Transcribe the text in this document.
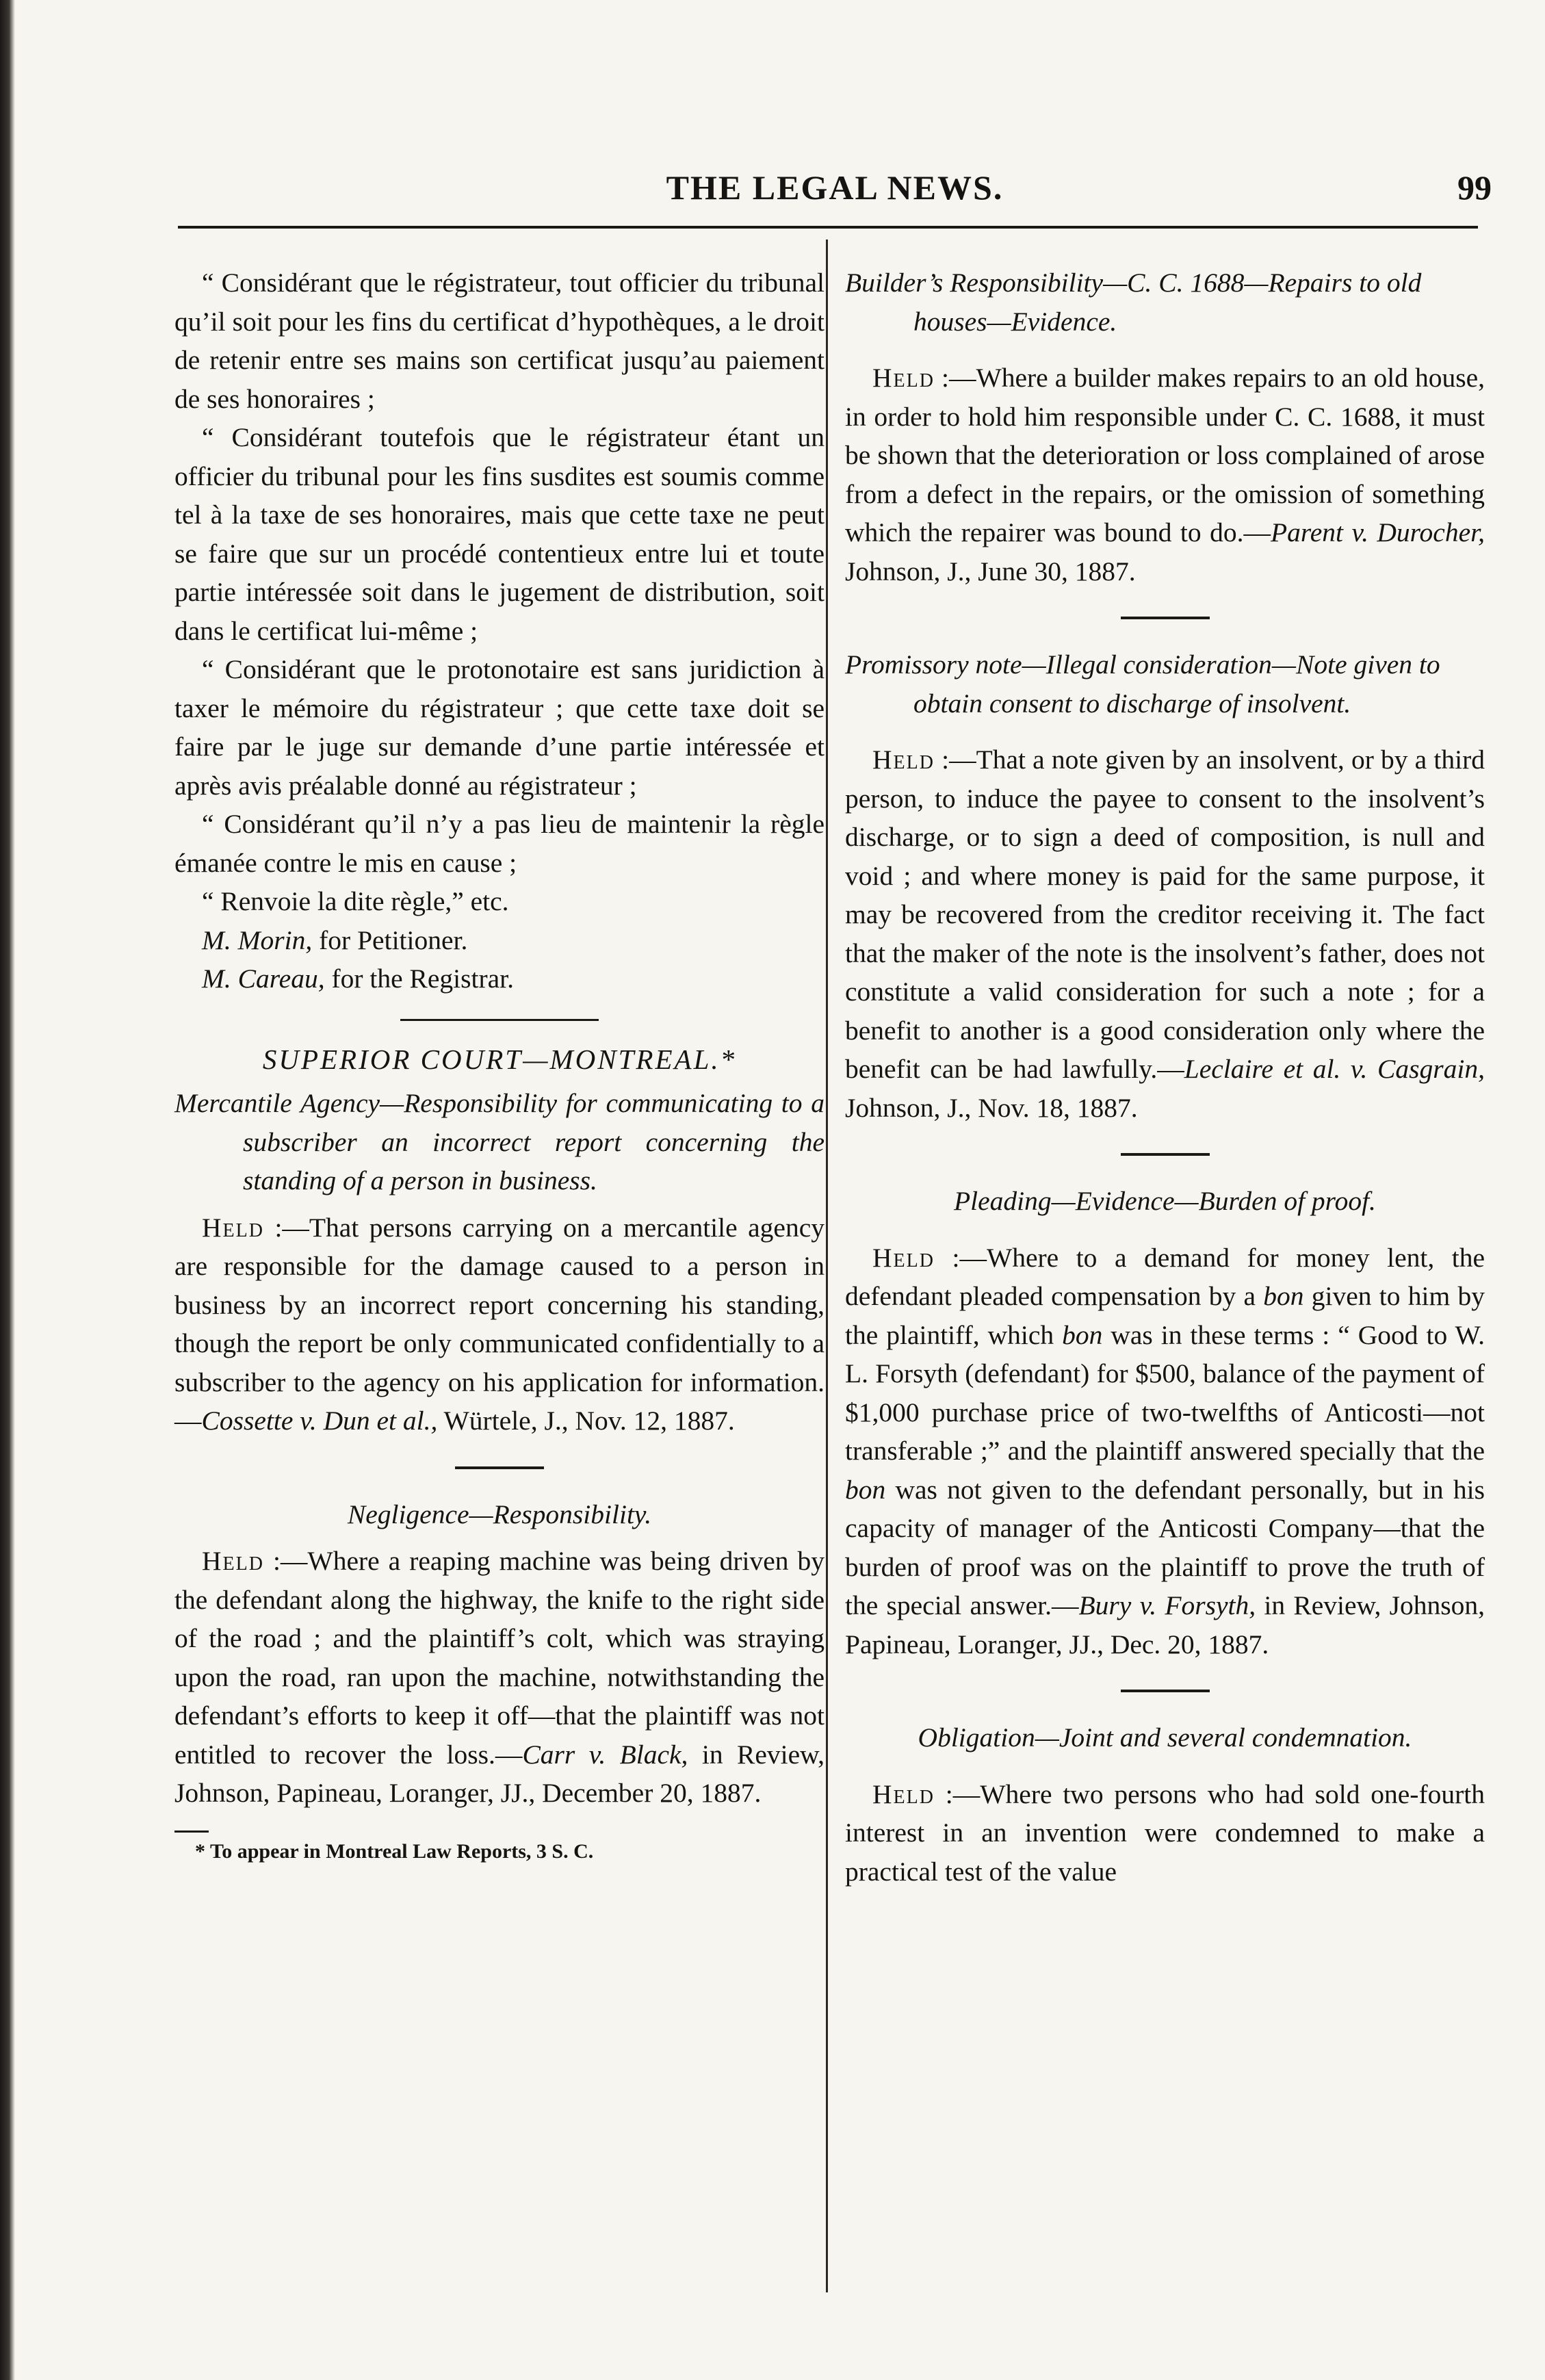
THE LEGAL NEWS.	99

“ Considérant que le régistrateur, tout officier du tribunal qu’il soit pour les fins du certificat d’hypothèques, a le droit de retenir entre ses mains son certificat jusqu’au paiement de ses honoraires ;

“ Considérant toutefois que le régistrateur étant un officier du tribunal pour les fins susdites est soumis comme tel à la taxe de ses honoraires, mais que cette taxe ne peut se faire que sur un procédé contentieux entre lui et toute partie intéressée soit dans le jugement de distribution, soit dans le certificat lui-même ;

“ Considérant que le protonotaire est sans juridiction à taxer le mémoire du régistrateur ; que cette taxe doit se faire par le juge sur demande d’une partie intéressée et après avis préalable donné au régistrateur ;

“ Considérant qu’il n’y a pas lieu de maintenir la règle émanée contre le mis en cause ;

“ Renvoie la dite règle,” etc.

M. Morin, for Petitioner.

M. Careau, for the Registrar.

SUPERIOR COURT—MONTREAL.*

Mercantile Agency—Responsibility for communicating to a subscriber an incorrect report concerning the standing of a person in business.

Held :—That persons carrying on a mercantile agency are responsible for the damage caused to a person in business by an incorrect report concerning his standing, though the report be only communicated confidentially to a subscriber to the agency on his application for information.—Cossette v. Dun et al., Würtele, J., Nov. 12, 1887.

Negligence—Responsibility.

Held :—Where a reaping machine was being driven by the defendant along the highway, the knife to the right side of the road ; and the plaintiff’s colt, which was straying upon the road, ran upon the machine, notwithstanding the defendant’s efforts to keep it off—that the plaintiff was not entitled to recover the loss.—Carr v. Black, in Review, Johnson, Papineau, Loranger, JJ., December 20, 1887.

* To appear in Montreal Law Reports, 3 S. C.

Builder’s Responsibility—C. C. 1688—Repairs to old houses—Evidence.

Held :—Where a builder makes repairs to an old house, in order to hold him responsible under C. C. 1688, it must be shown that the deterioration or loss complained of arose from a defect in the repairs, or the omission of something which the repairer was bound to do.—Parent v. Durocher, Johnson, J., June 30, 1887.

Promissory note—Illegal consideration—Note given to obtain consent to discharge of insolvent.

Held :—That a note given by an insolvent, or by a third person, to induce the payee to consent to the insolvent’s discharge, or to sign a deed of composition, is null and void ; and where money is paid for the same purpose, it may be recovered from the creditor receiving it. The fact that the maker of the note is the insolvent’s father, does not constitute a valid consideration for such a note ; for a benefit to another is a good consideration only where the benefit can be had lawfully.—Leclaire et al. v. Casgrain, Johnson, J., Nov. 18, 1887.

Pleading—Evidence—Burden of proof.

Held :—Where to a demand for money lent, the defendant pleaded compensation by a bon given to him by the plaintiff, which bon was in these terms : “ Good to W. L. Forsyth (defendant) for $500, balance of the payment of $1,000 purchase price of two-twelfths of Anticosti—not transferable ;” and the plaintiff answered specially that the bon was not given to the defendant personally, but in his capacity of manager of the Anticosti Company—that the burden of proof was on the plaintiff to prove the truth of the special answer.—Bury v. Forsyth, in Review, Johnson, Papineau, Loranger, JJ., Dec. 20, 1887.

Obligation—Joint and several condemnation.

Held :—Where two persons who had sold one-fourth interest in an invention were condemned to make a practical test of the value
